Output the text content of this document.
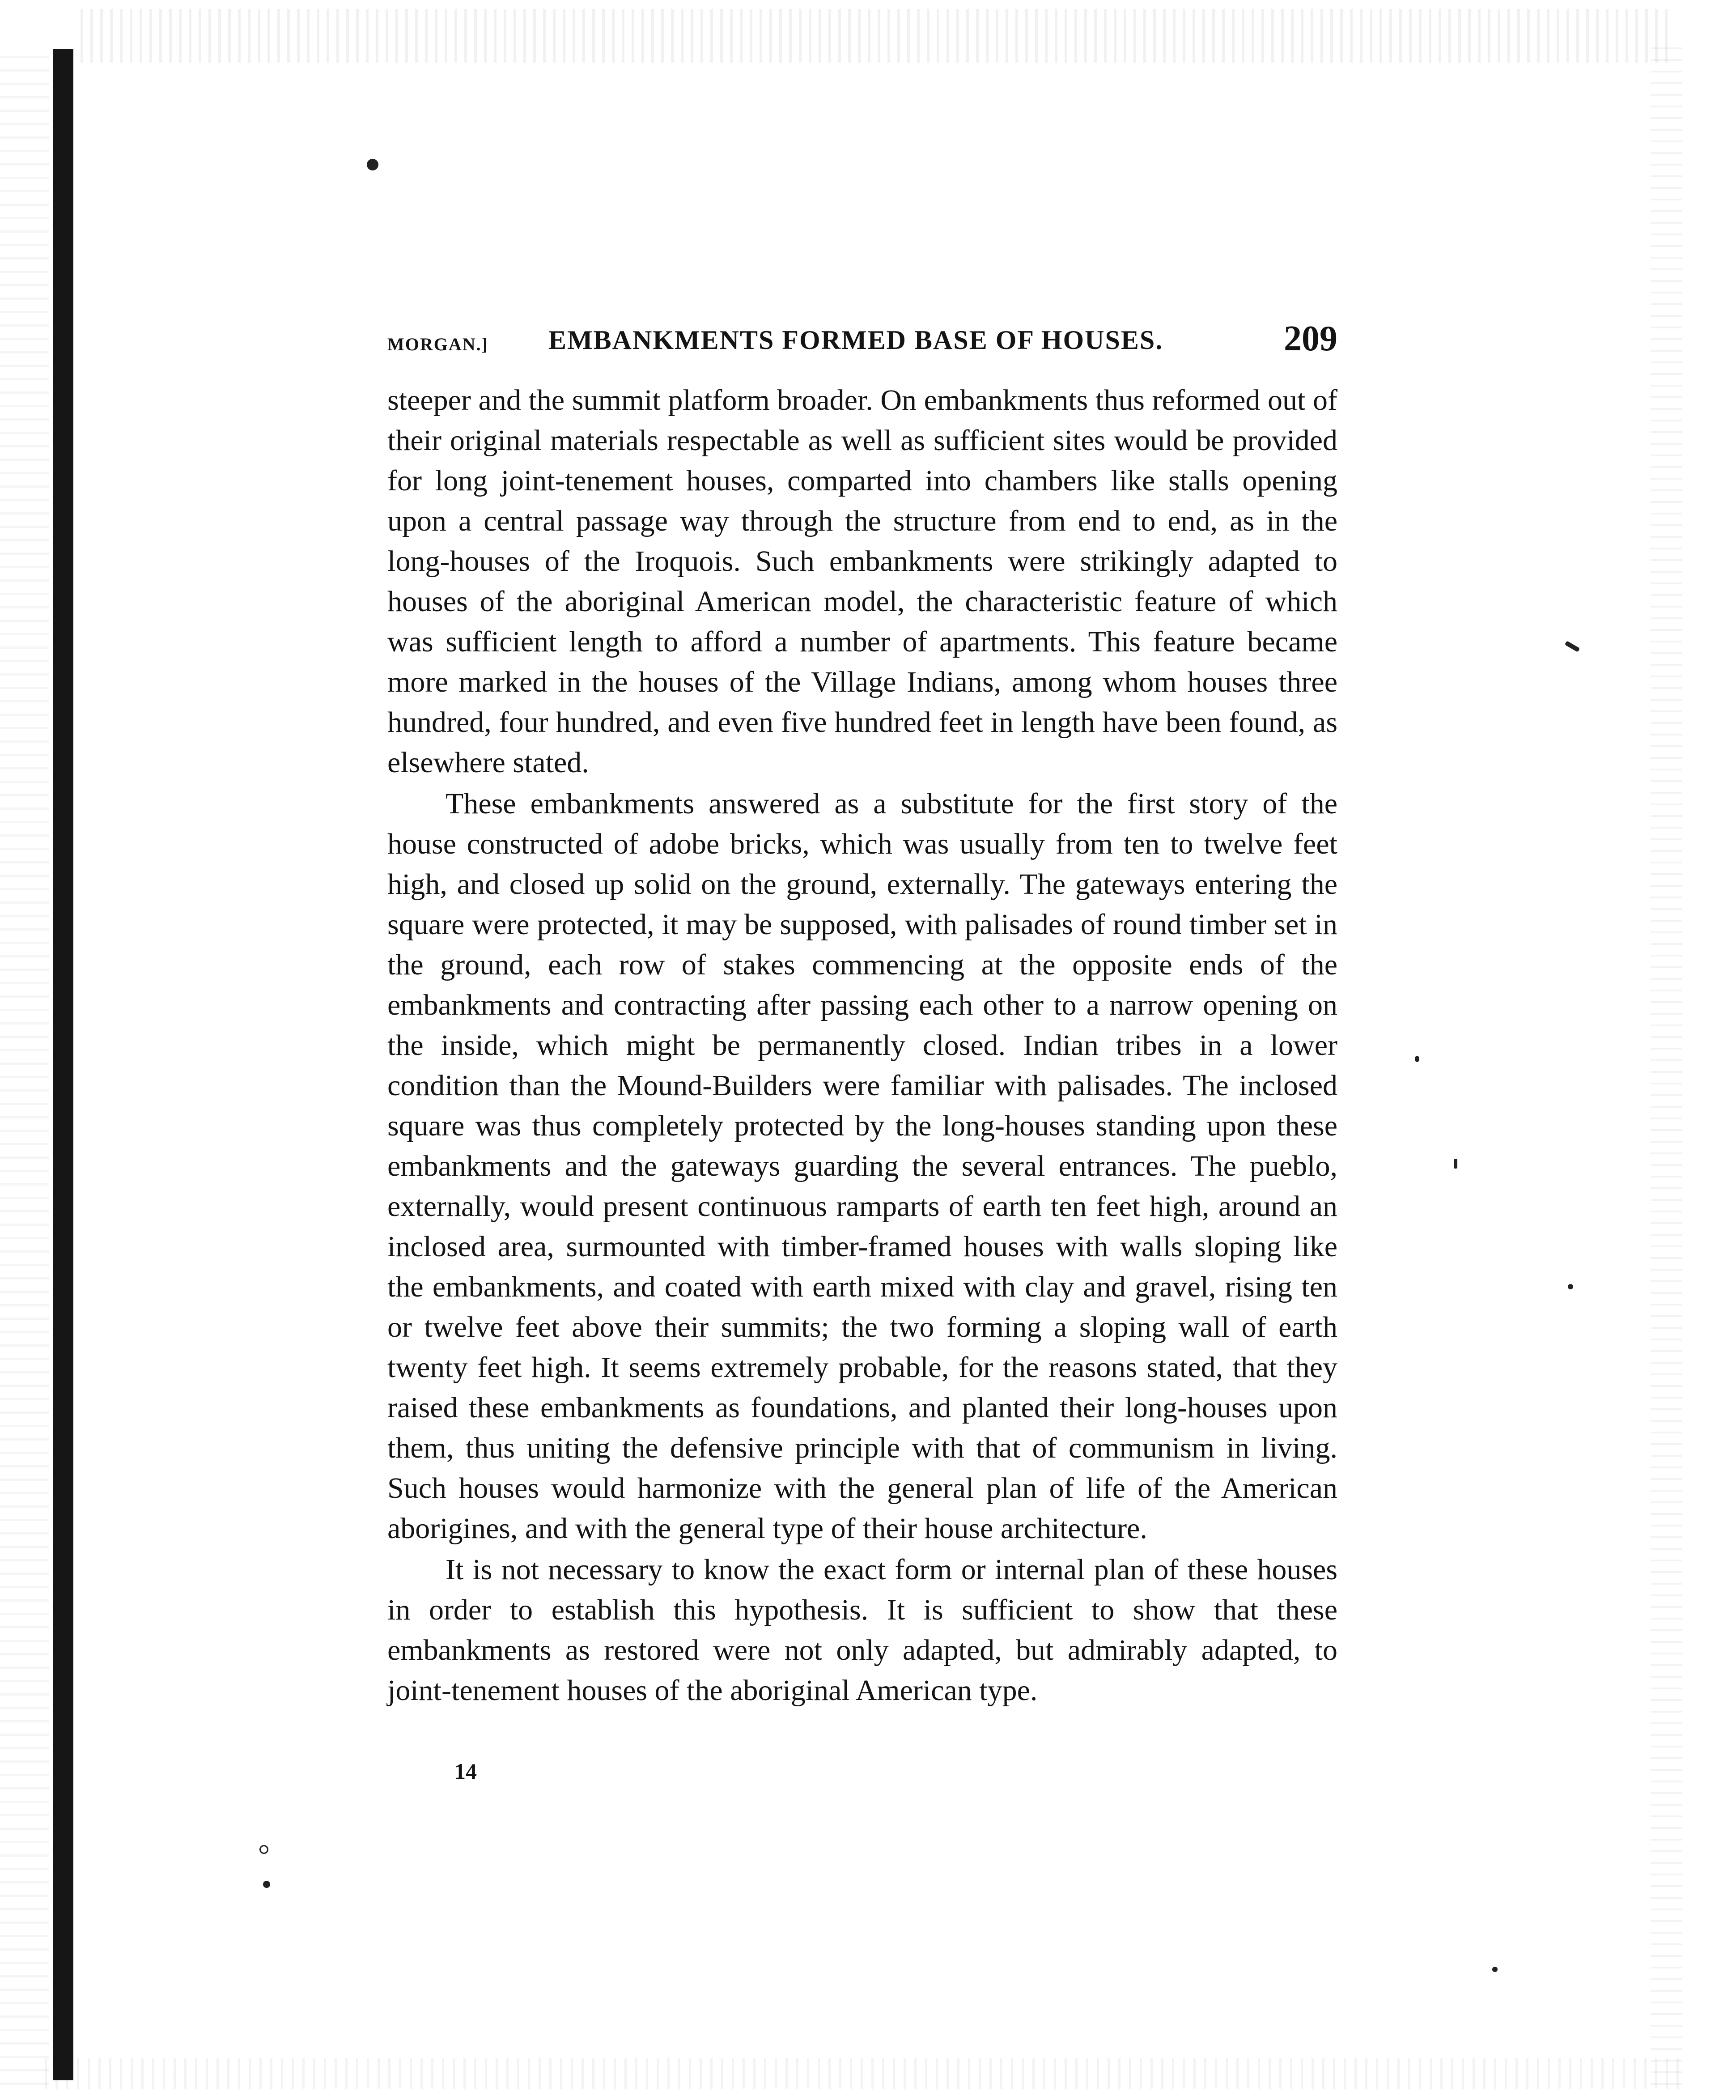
MORGAN.] EMBANKMENTS FORMED BASE OF HOUSES.	209

steeper and the summit platform broader. On embankments thus reformed out of their original materials respectable as well as sufficient sites would be provided for long joint-tenement houses, comparted into chambers like stalls opening upon a central passage way through the structure from end to end, as in the long-houses of the Iroquois. Such embankments were strikingly adapted to houses of the aboriginal American model, the characteristic feature of which was sufficient length to afford a number of apartments. This feature became more marked in the houses of the Village Indians, among whom houses three hundred, four hundred, and even five hundred feet in length have been found, as elsewhere stated.

These embankments answered as a substitute for the first story of the house constructed of adobe bricks, which was usually from ten to twelve feet high, and closed up solid on the ground, externally. The gateways entering the square were protected, it may be supposed, with palisades of round timber set in the ground, each row of stakes commencing at the opposite ends of the embankments and contracting after passing each other to a narrow opening on the inside, which might be permanently closed. Indian tribes in a lower condition than the Mound-Builders were familiar with palisades. The inclosed square was thus completely protected by the long-houses standing upon these embankments and the gateways guarding the several entrances. The pueblo, externally, would present continuous ramparts of earth ten feet high, around an inclosed area, surmounted with timber-framed houses with walls sloping like the embankments, and coated with earth mixed with clay and gravel, rising ten or twelve feet above their summits; the two forming a sloping wall of earth twenty feet high. It seems extremely probable, for the reasons stated, that they raised these embankments as foundations, and planted their long-houses upon them, thus uniting the defensive principle with that of communism in living. Such houses would harmonize with the general plan of life of the American aborigines, and with the general type of their house architecture.

It is not necessary to know the exact form or internal plan of these houses in order to establish this hypothesis. It is sufficient to show that these embankments as restored were not only adapted, but admirably adapted, to joint-tenement houses of the aboriginal American type.

14
